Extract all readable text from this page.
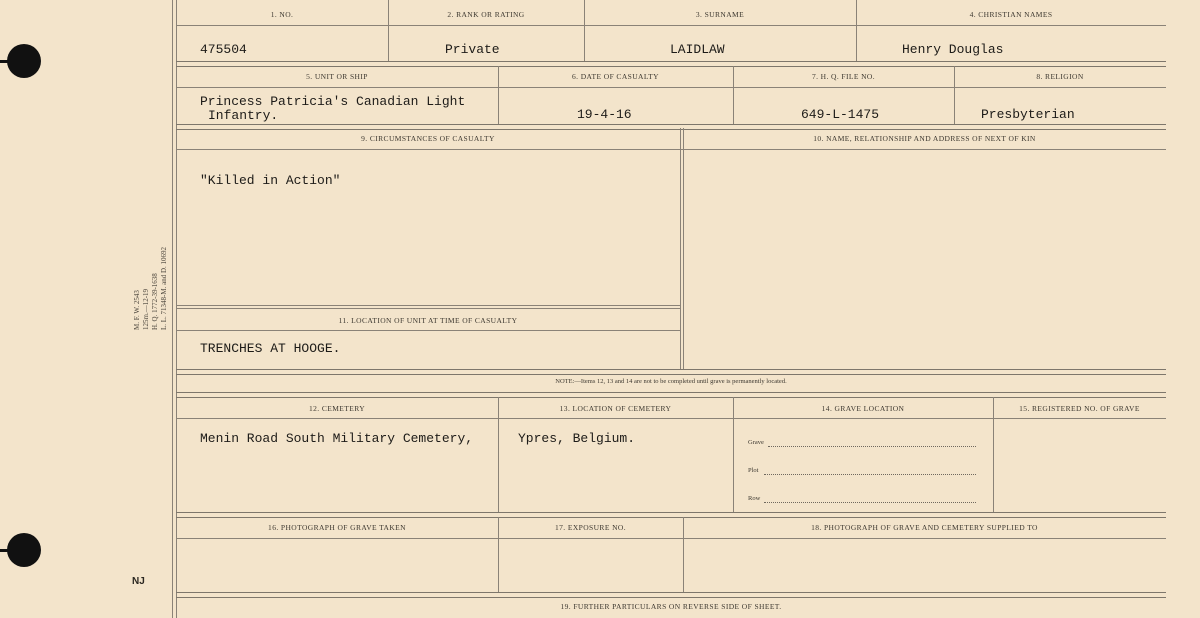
M. F. W. 2543 125m.—12-19 H. Q. 1772-39-1638 L. L. 71348-M. and D. 10692
NJ
1. NO.	2. RANK OR RATING	3. SURNAME	4. CHRISTIAN NAMES
475504	Private	LAIDLAW	Henry Douglas
5. UNIT OR SHIP	6. DATE OF CASUALTY	7. H. Q. FILE NO.	8. RELIGION
Princess Patricia's Canadian Light
Infantry.	19-4-16	649-L-1475	Presbyterian
9. CIRCUMSTANCES OF CASUALTY	10. NAME, RELATIONSHIP AND ADDRESS OF NEXT OF KIN
"Killed in Action"
11. LOCATION OF UNIT AT TIME OF CASUALTY
TRENCHES AT HOOGE.
NOTE:—Items 12, 13 and 14 are not to be completed until grave is permanently located.
12. CEMETERY	13. LOCATION OF CEMETERY	14. GRAVE LOCATION	15. REGISTERED NO. OF GRAVE
Menin Road South Military Cemetery,	Ypres, Belgium.	Grave
Plot
Row
16. PHOTOGRAPH OF GRAVE TAKEN	17. EXPOSURE NO.	18. PHOTOGRAPH OF GRAVE AND CEMETERY SUPPLIED TO
19. FURTHER PARTICULARS ON REVERSE SIDE OF SHEET.
